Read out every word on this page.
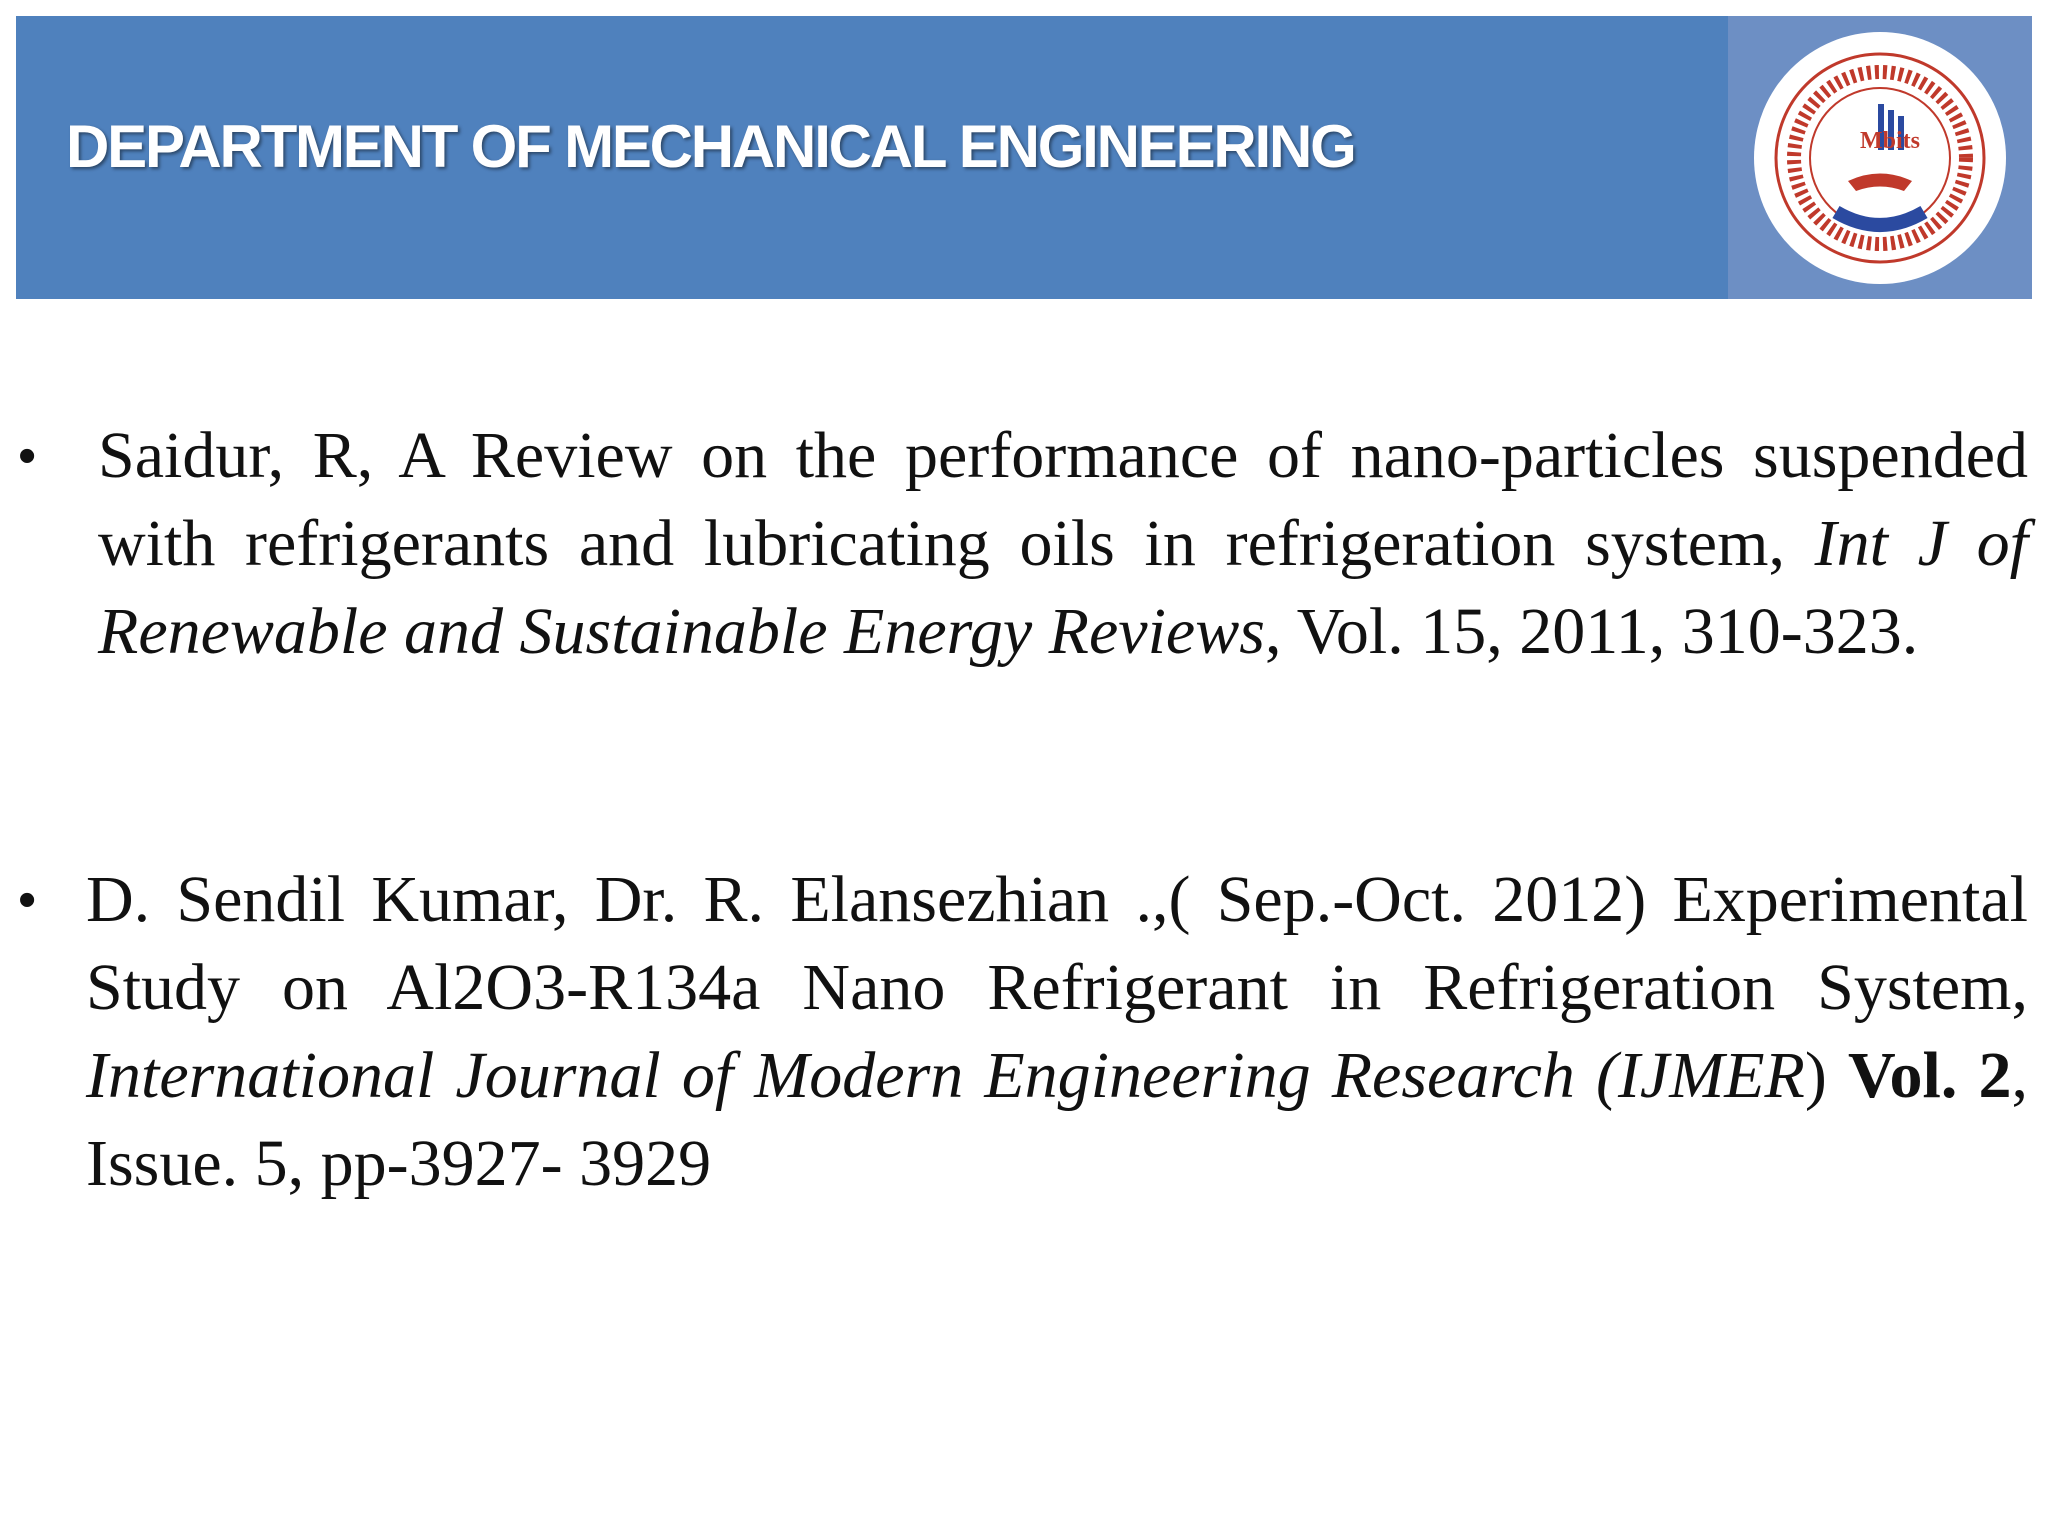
DEPARTMENT OF MECHANICAL ENGINEERING	Mbits
• Saidur, R, A Review on the performance of nano-particles suspended with refrigerants and lubricating oils in refrigeration system, Int J of Renewable and Sustainable Energy Reviews, Vol. 15, 2011, 310-323.
• D. Sendil Kumar, Dr. R. Elansezhian .,( Sep.-Oct. 2012) Experimental Study on Al2O3-R134a Nano Refrigerant in Refrigeration System, International Journal of Modern Engineering Research (IJMER) Vol. 2, Issue. 5, pp-3927- 3929
